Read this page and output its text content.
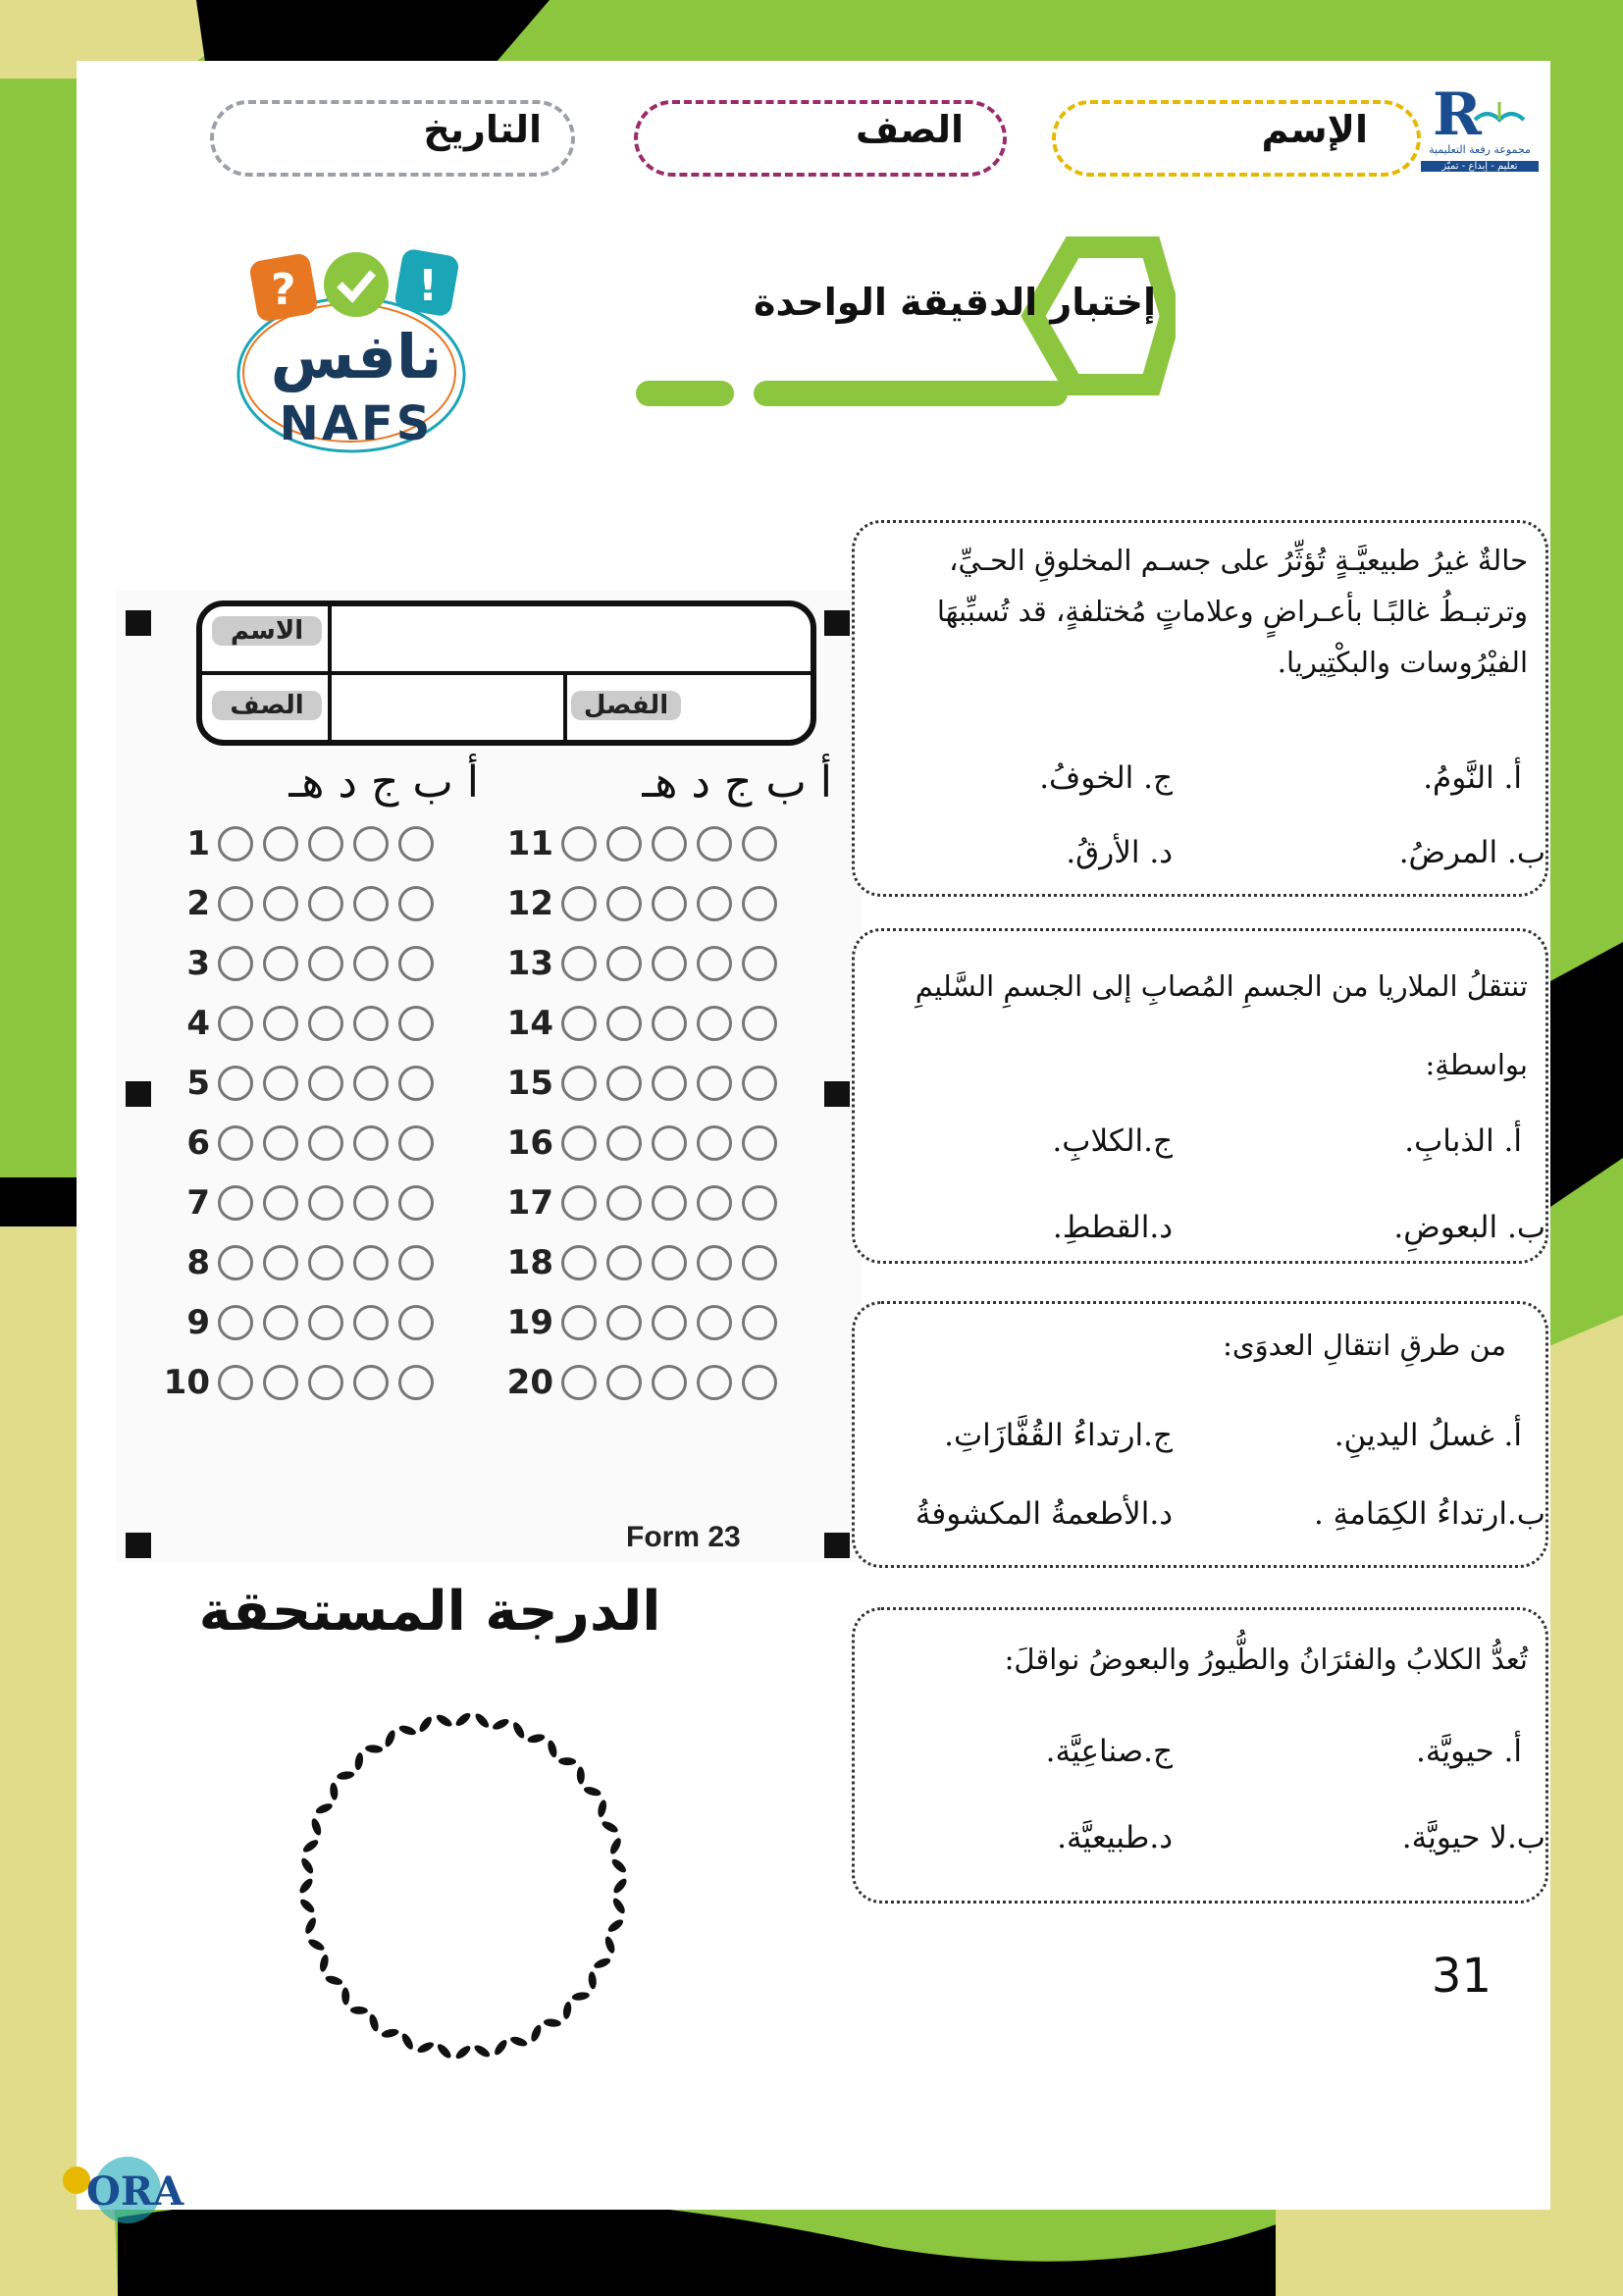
الإسم
الصف
التاريخ	R
مجموعة رفعة التعليمية
تعليم - إبداع - تميّز
إختبار الدقيقة الواحدة
?	!
نافس
NAFS
الاسم
الصف	الفصل
أ ب ج د هـ	أ ب ج د هـ
1
2
3
4
5
6
7
8
9
10
11
12
13
14
15
16
17
18
19
20
Form 23
حالةٌ غيرُ طبيعيَّـةٍ تُؤثِّرُ على جسـم المخلوقِ الحـيِّ، وترتبـطُ غالبًـا بأعـراضٍ وعلاماتٍ مُختلفةٍ، قد تُسبِّبهَا الفيْرُوسات والبكْتِيريا.
أ. النَّومُ.
ب. المرضُ.
ج. الخوفُ.
د. الأرقُ.
تنتقلُ الملاريا من الجسمِ المُصابِ إلى الجسمِ السَّليمِ بواسطةِ:
أ. الذبابِ.
ب. البعوضِ.
ج.الكلابِ.
د.القططِ.
من طرقِ انتقالِ العدوَى:
أ. غسلُ اليدينِ.
ب.ارتداءُ الكِمَامةِ .
ج.ارتداءُ القُفَّازَاتِ.
د.الأطعمةُ المكشوفةُ
تُعدُّ الكلابُ والفئرَانُ والطُّيورُ والبعوضُ نواقلَ:
أ. حيويَّة.
ب.لا حيويَّة.
ج.صناعِيَّة.
د.طبيعيَّة.
الدرجة المستحقة
31
ORA
